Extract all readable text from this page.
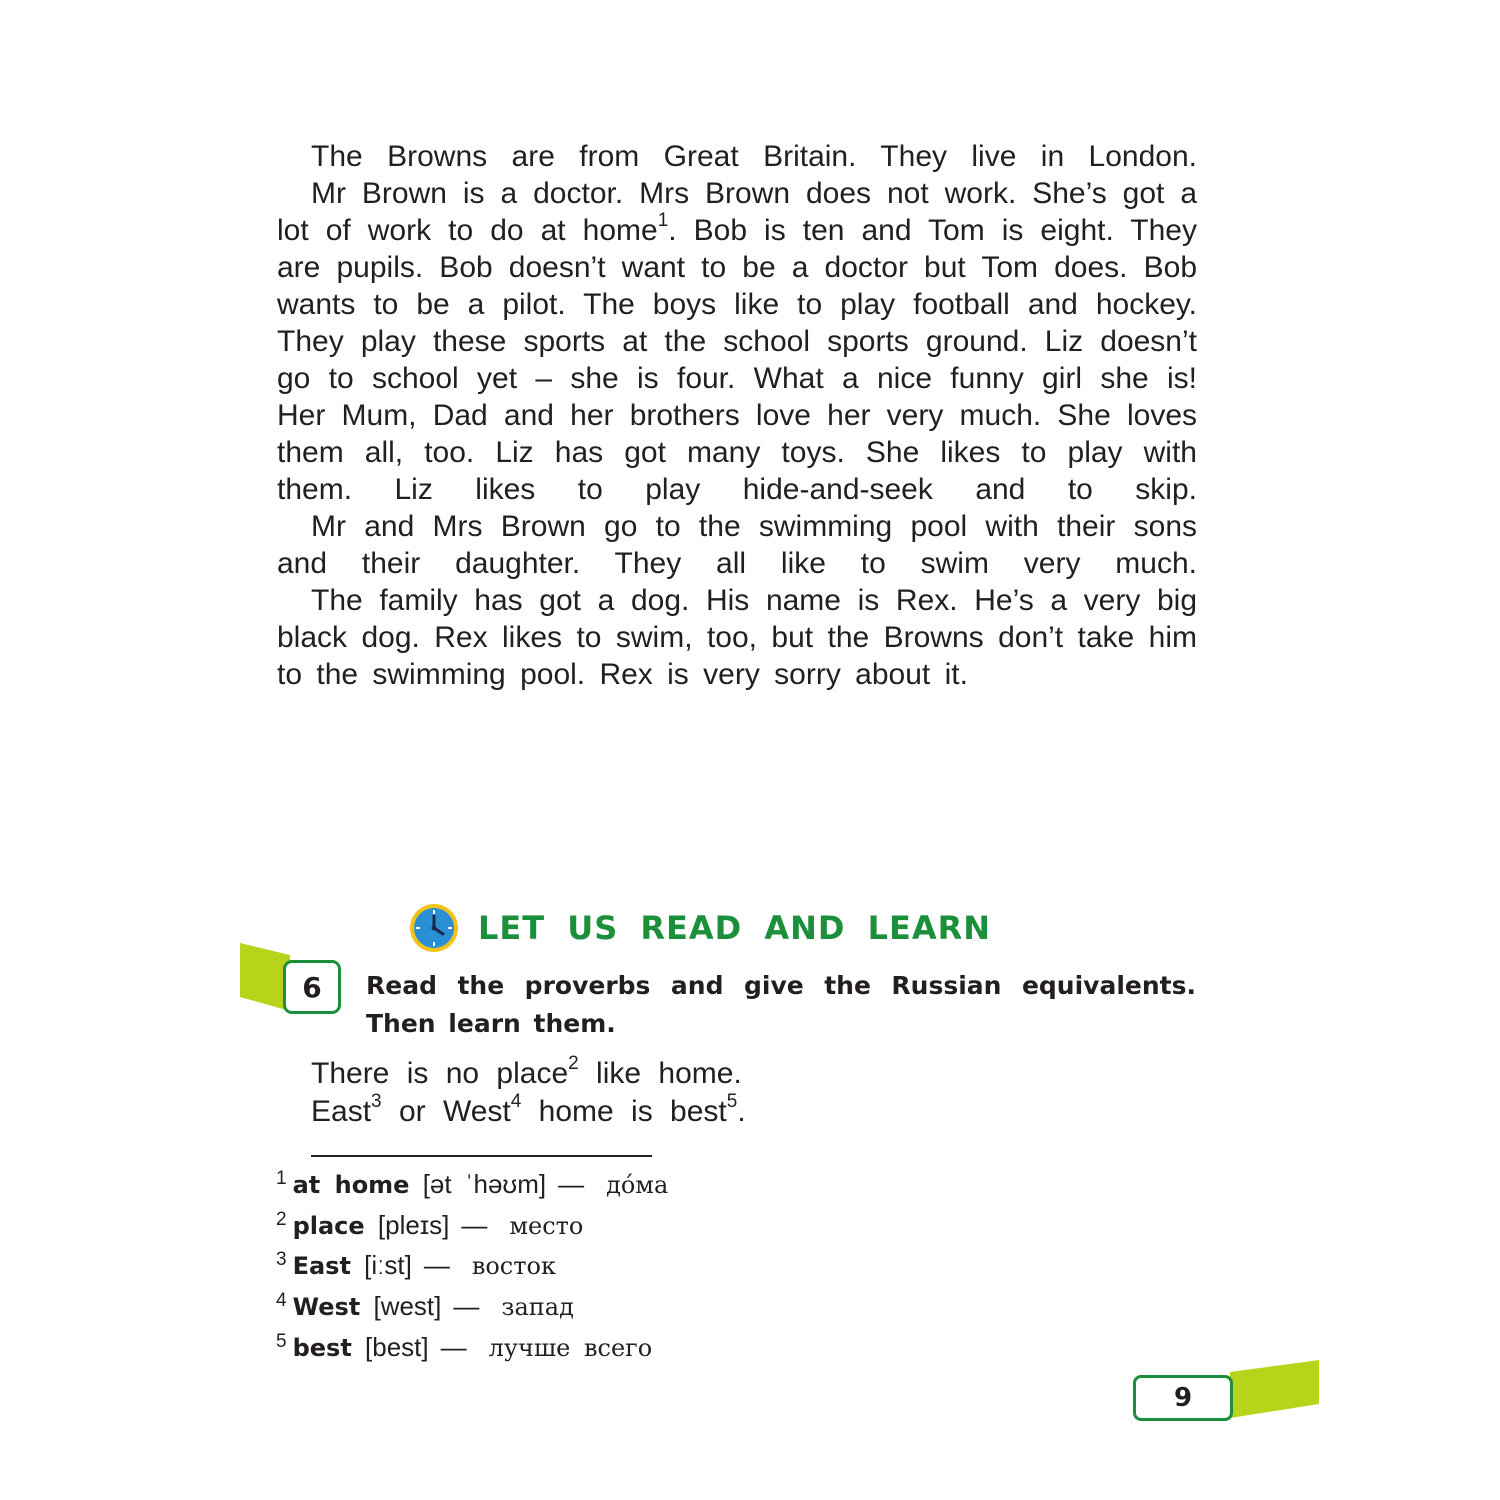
The Browns are from Great Britain. They live in London.

Mr Brown is a doctor. Mrs Brown does not work. She’s got a lot of work to do at home$^1$. Bob is ten and Tom is eight. They are pupils. Bob doesn’t want to be a doctor but Tom does. Bob wants to be a pilot. The boys like to play football and hockey. They play these sports at the school sports ground. Liz doesn’t go to school yet – she is four. What a nice funny girl she is! Her Mum, Dad and her brothers love her very much. She loves them all, too. Liz has got many toys. She likes to play with them. Liz likes to play hide-and-seek and to skip.

Mr and Mrs Brown go to the swimming pool with their sons and their daughter. They all like to swim very much.

The family has got a dog. His name is Rex. He’s a very big black dog. Rex likes to swim, too, but the Browns don’t take him to the swimming pool. Rex is very sorry about it.

LET US READ AND LEARN
6	Read the proverbs and give the Russian equivalents.
Then learn them.
There is no place$^2$ like home.
East$^3$ or West$^4$ home is best$^5$.
$^1$ at home [ət ˈhəʊm] — до́ма
$^2$ place [pleɪs] — место
$^3$ East [iːst] — восток
$^4$ West [west] — запад
$^5$ best [best] — лучше всего
9
